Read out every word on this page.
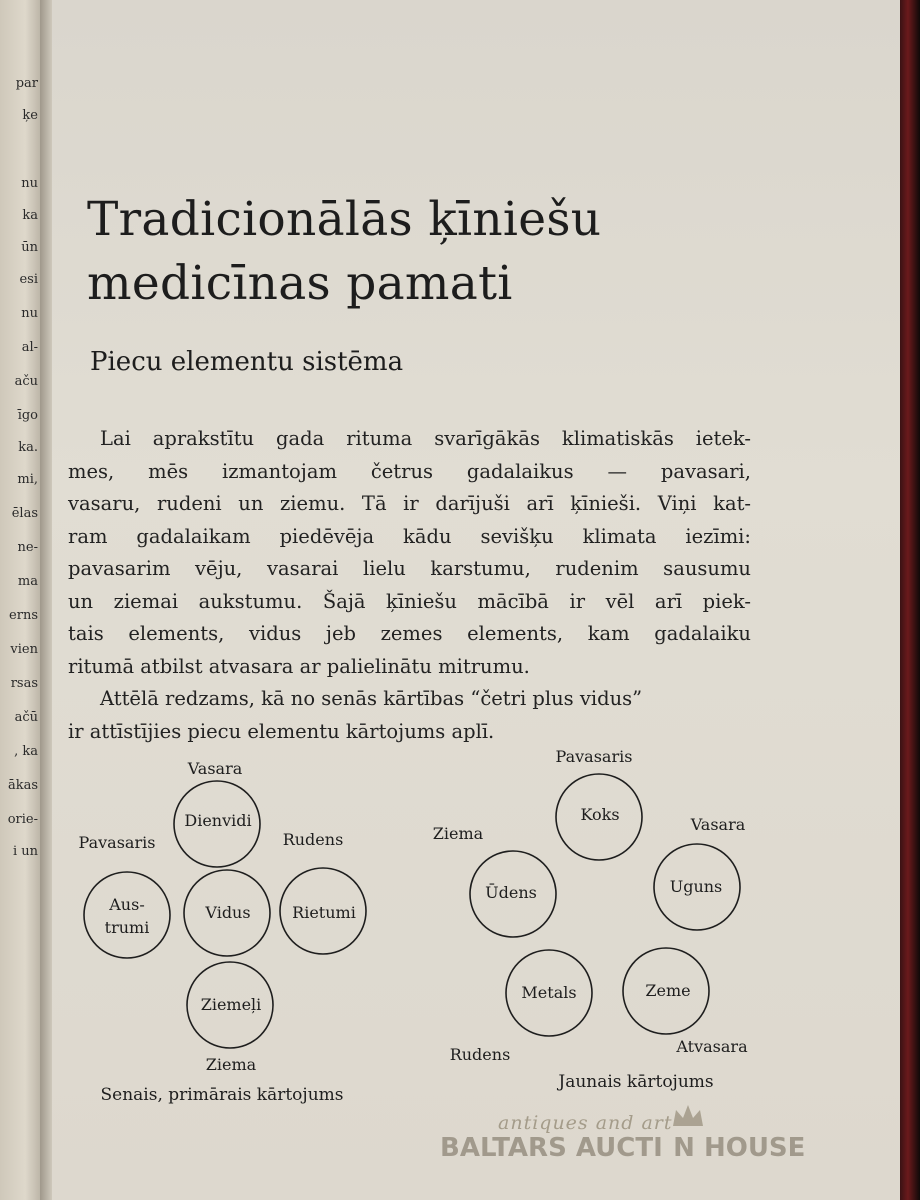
par
ķe
nu
ka
ūn
esi
nu
al-
aču
īgo
ka.
mi,
ēlas
ne-
ma
erns
vien
rsas
ačū
, ka
ākas
orie-
i un
Tradicionālās ķīniešu
medicīnas pamati
Piecu elementu sistēma
Lai aprakstītu gada rituma svarīgākās klimatiskās ietek-
mes, mēs izmantojam četrus gadalaikus — pavasari,
vasaru, rudeni un ziemu. Tā ir darījuši arī ķīnieši. Viņi kat-
ram gadalaikam piedēvēja kādu sevišķu klimata iezīmi:
pavasarim vēju, vasarai lielu karstumu, rudenim sausumu
un ziemai aukstumu. Šajā ķīniešu mācībā ir vēl arī piek-
tais elements, vidus jeb zemes elements, kam gadalaiku
ritumā atbilst atvasara ar palielinātu mitrumu.
Attēlā redzams, kā no senās kārtības “četri plus vidus”
ir attīstījies piecu elementu kārtojums aplī.
Vasara
Pavasaris	Rudens
Ziema
Dienvidi
Aus-
trumi
Vidus	Rietumi
Ziemeļi
Senais, primārais kārtojums
Pavasaris
Ziema	Vasara
Rudens	Atvasara
Koks
Ūdens	Uguns
Metals	Zeme
Jaunais kārtojums
antiques and art
BALTARS AUCTI  N HOUSE
